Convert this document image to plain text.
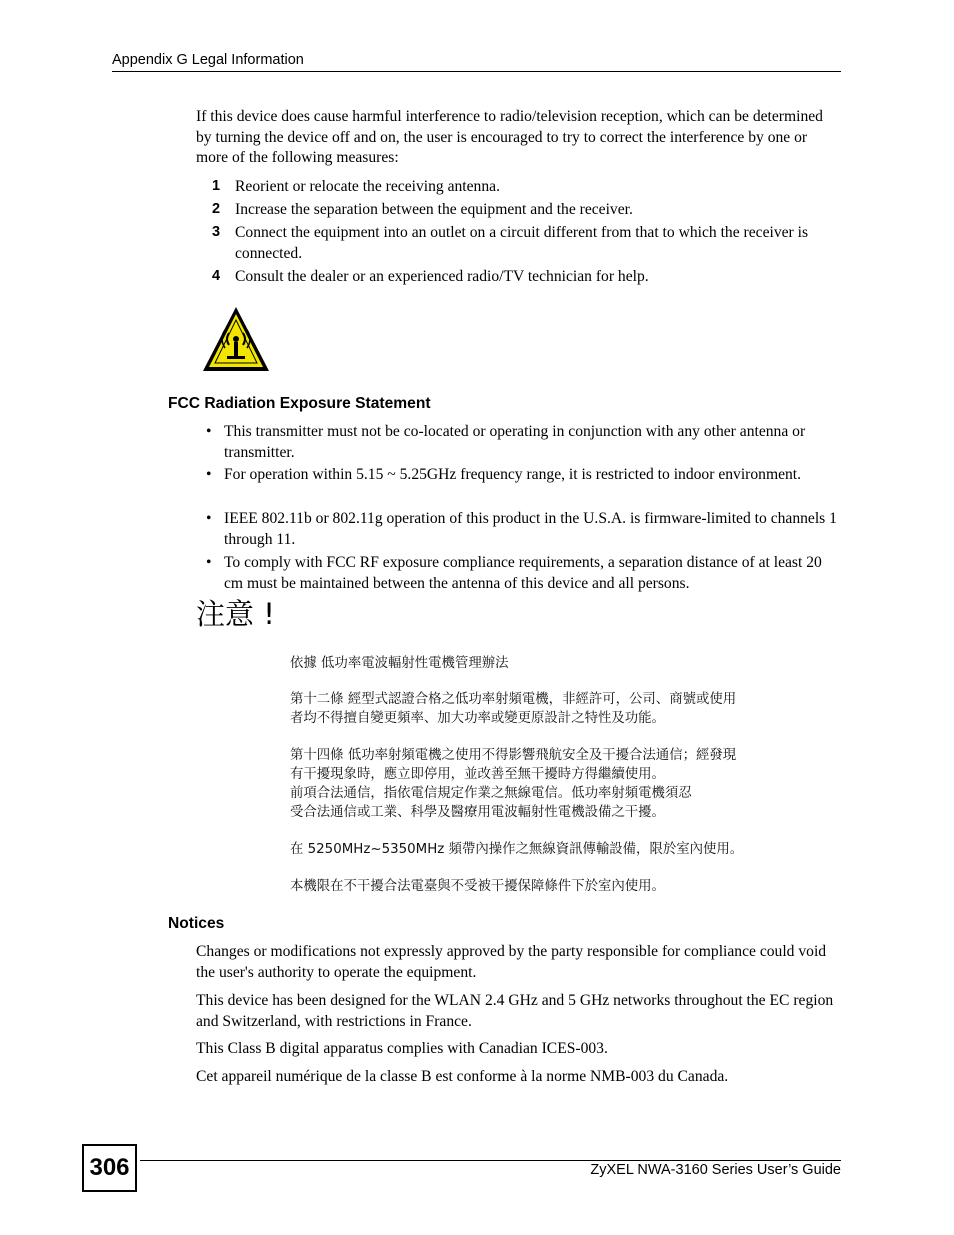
Appendix G Legal Information

If this device does cause harmful interference to radio/television reception, which can be determined by turning the device off and on, the user is encouraged to try to correct the interference by one or more of the following measures:

1 Reorient or relocate the receiving antenna.
2 Increase the separation between the equipment and the receiver.
3 Connect the equipment into an outlet on a circuit different from that to which the receiver is connected.
4 Consult the dealer or an experienced radio/TV technician for help.
FCC Radiation Exposure Statement
• This transmitter must not be co-located or operating in conjunction with any other antenna or transmitter.
• For operation within 5.15 ~ 5.25GHz frequency range, it is restricted to indoor environment.
• IEEE 802.11b or 802.11g operation of this product in the U.S.A. is firmware-limited to channels 1 through 11.
• To comply with FCC RF exposure compliance requirements, a separation distance of at least 20 cm must be maintained between the antenna of this device and all persons.
注意 !
依據 低功率電波輻射性電機管理辦法
第十二條 經型式認證合格之低功率射頻電機，非經許可，公司、商號或使用
者均不得擅自變更頻率、加大功率或變更原設計之特性及功能。
第十四條 低功率射頻電機之使用不得影響飛航安全及干擾合法通信；經發現
有干擾現象時，應立即停用，並改善至無干擾時方得繼續使用。
前項合法通信，指依電信規定作業之無線電信。低功率射頻電機須忍
受合法通信或工業、科學及醫療用電波輻射性電機設備之干擾。
在 5250MHz~5350MHz 頻帶內操作之無線資訊傳輸設備，限於室內使用。
本機限在不干擾合法電臺與不受被干擾保障條件下於室內使用。
Notices

Changes or modifications not expressly approved by the party responsible for compliance could void the user's authority to operate the equipment.

This device has been designed for the WLAN 2.4 GHz and 5 GHz networks throughout the EC region and Switzerland, with restrictions in France.

This Class B digital apparatus complies with Canadian ICES-003.

Cet appareil numérique de la classe B est conforme à la norme NMB-003 du Canada.

306	ZyXEL NWA-3160 Series User’s Guide
